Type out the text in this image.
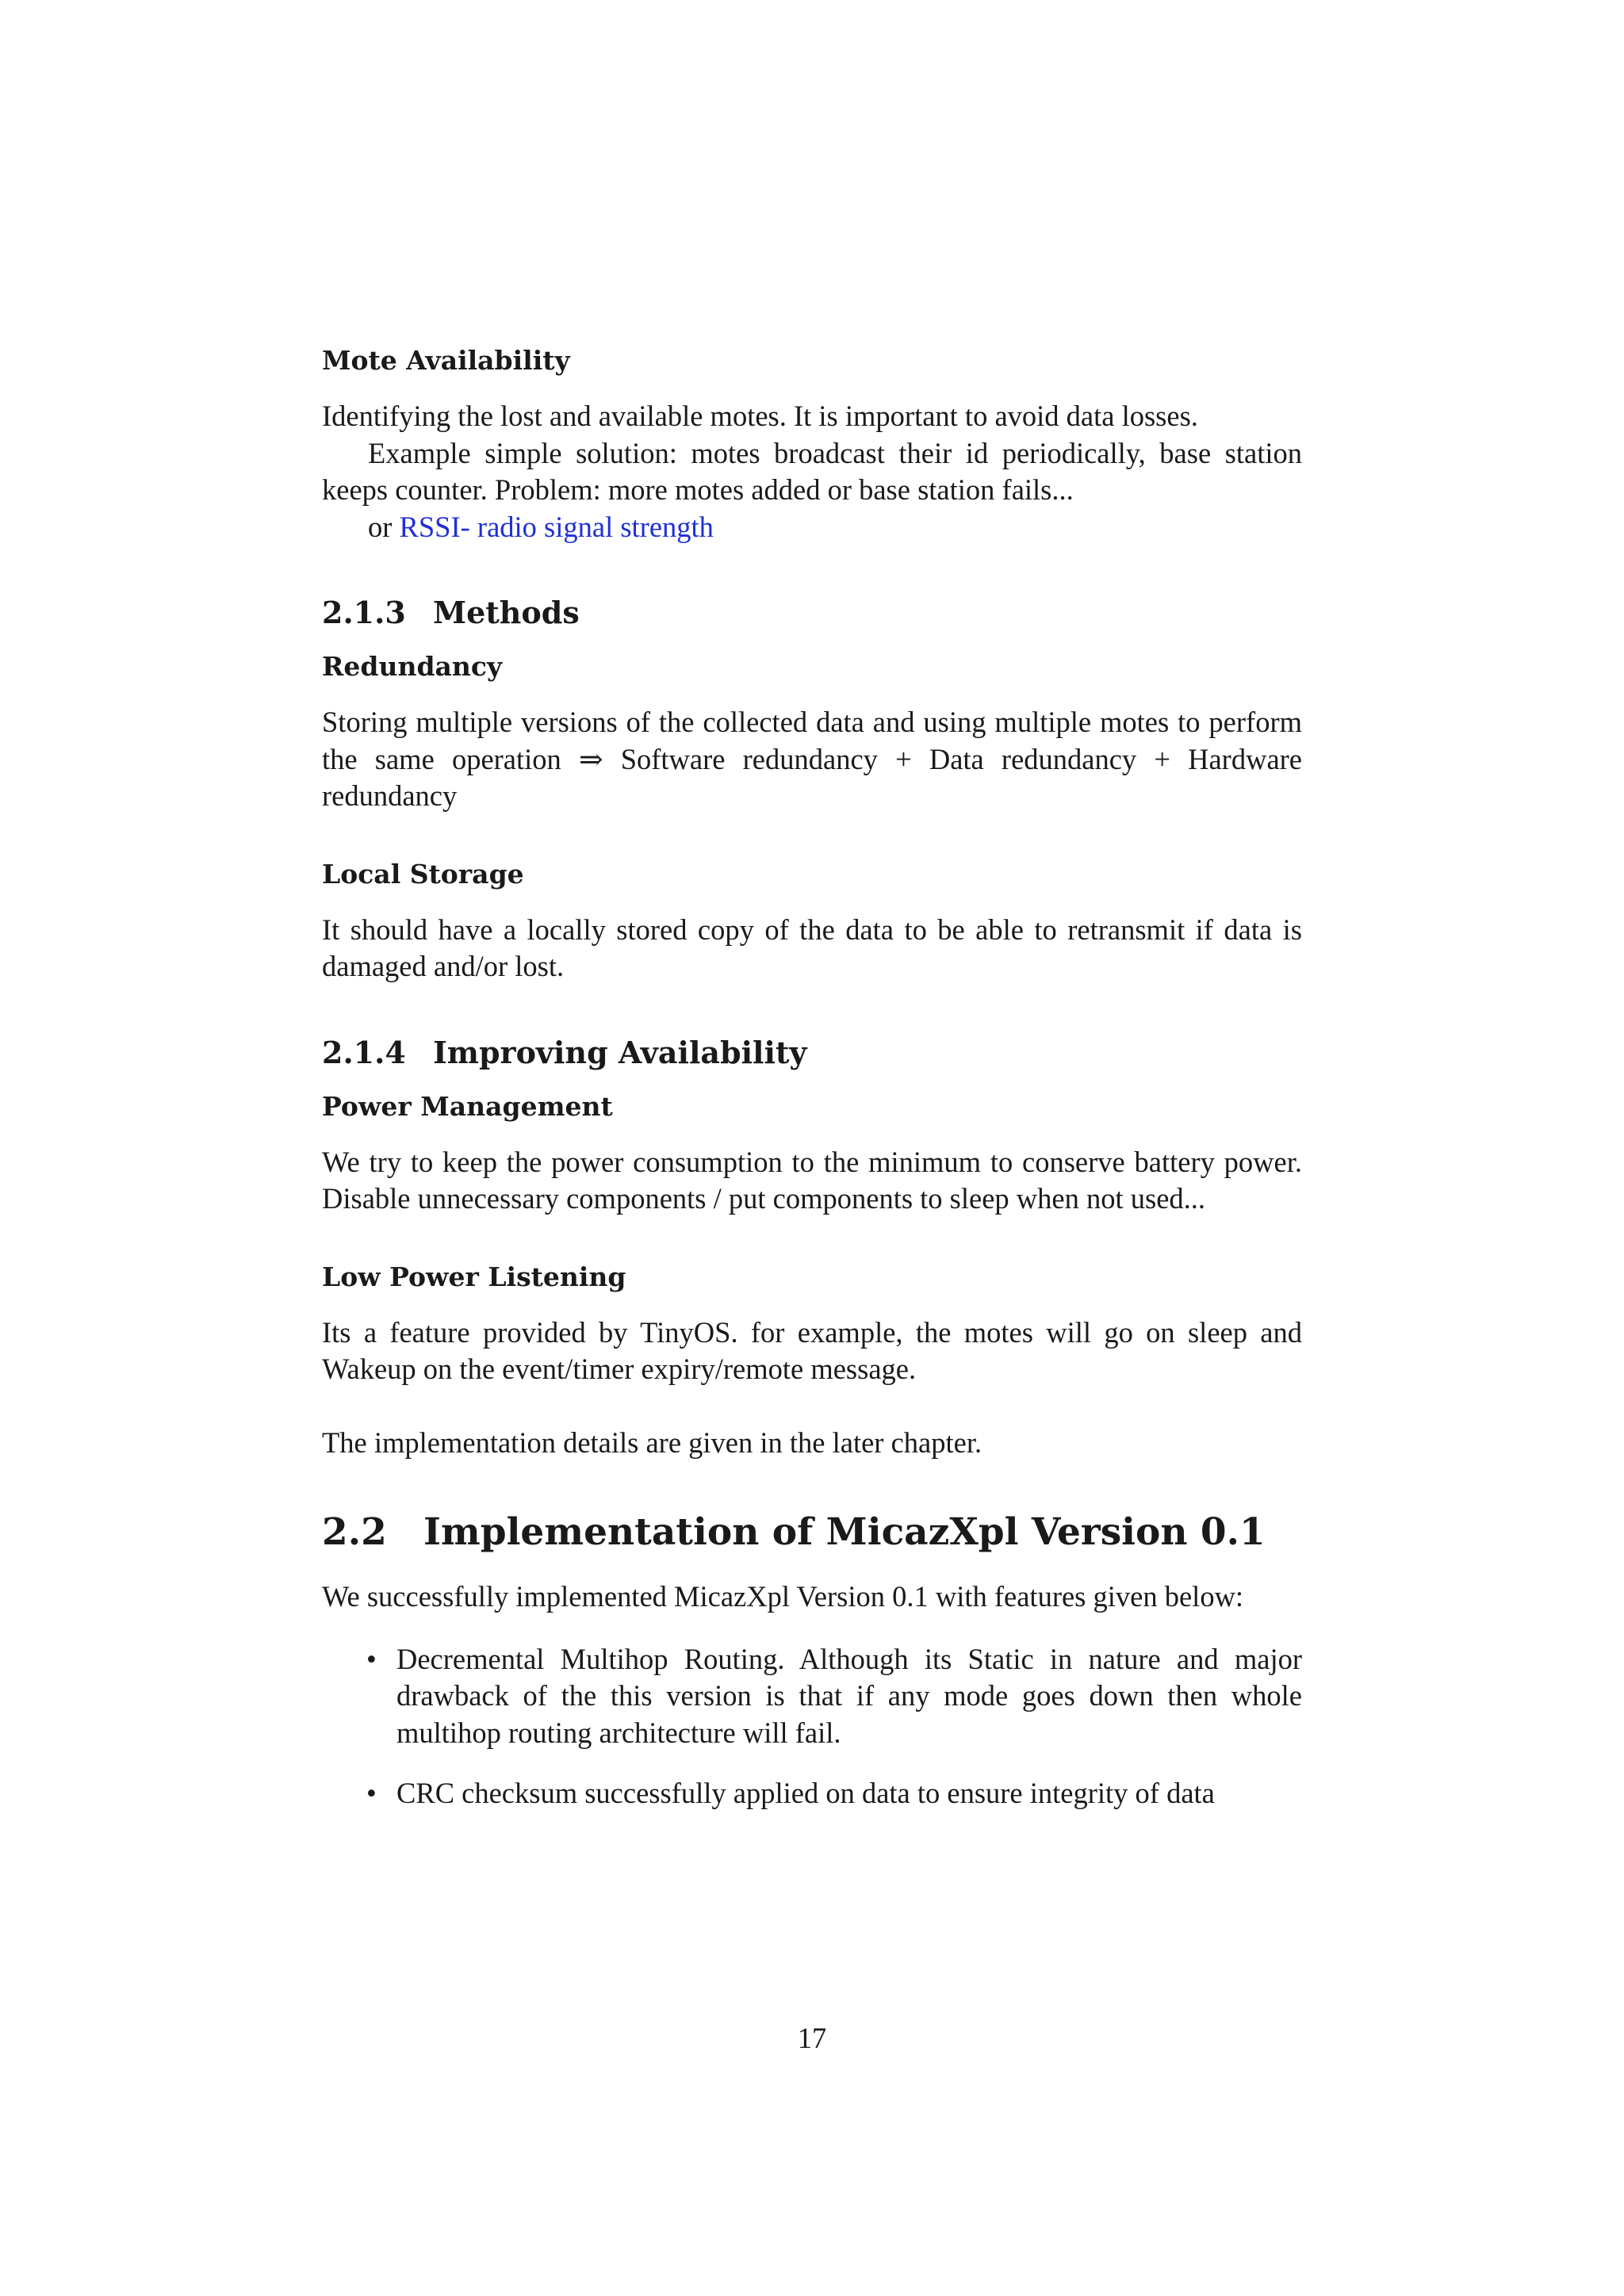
Mote Availability

Identifying the lost and available motes. It is important to avoid data losses.

Example simple solution: motes broadcast their id periodically, base station keeps counter. Problem: more motes added or base station fails...

or RSSI- radio signal strength

2.1.3 Methods
Redundancy

Storing multiple versions of the collected data and using multiple motes to perform the same operation ⇒ Software redundancy + Data redundancy + Hardware redundancy

Local Storage

It should have a locally stored copy of the data to be able to retransmit if data is damaged and/or lost.

2.1.4 Improving Availability
Power Management

We try to keep the power consumption to the minimum to conserve battery power. Disable unnecessary components / put components to sleep when not used...

Low Power Listening

Its a feature provided by TinyOS. for example, the motes will go on sleep and Wakeup on the event/timer expiry/remote message.

The implementation details are given in the later chapter.

2.2 Implementation of MicazXpl Version 0.1

We successfully implemented MicazXpl Version 0.1 with features given below:

• Decremental Multihop Routing. Although its Static in nature and major drawback of the this version is that if any mode goes down then whole multihop routing architecture will fail.
• CRC checksum successfully applied on data to ensure integrity of data
17
